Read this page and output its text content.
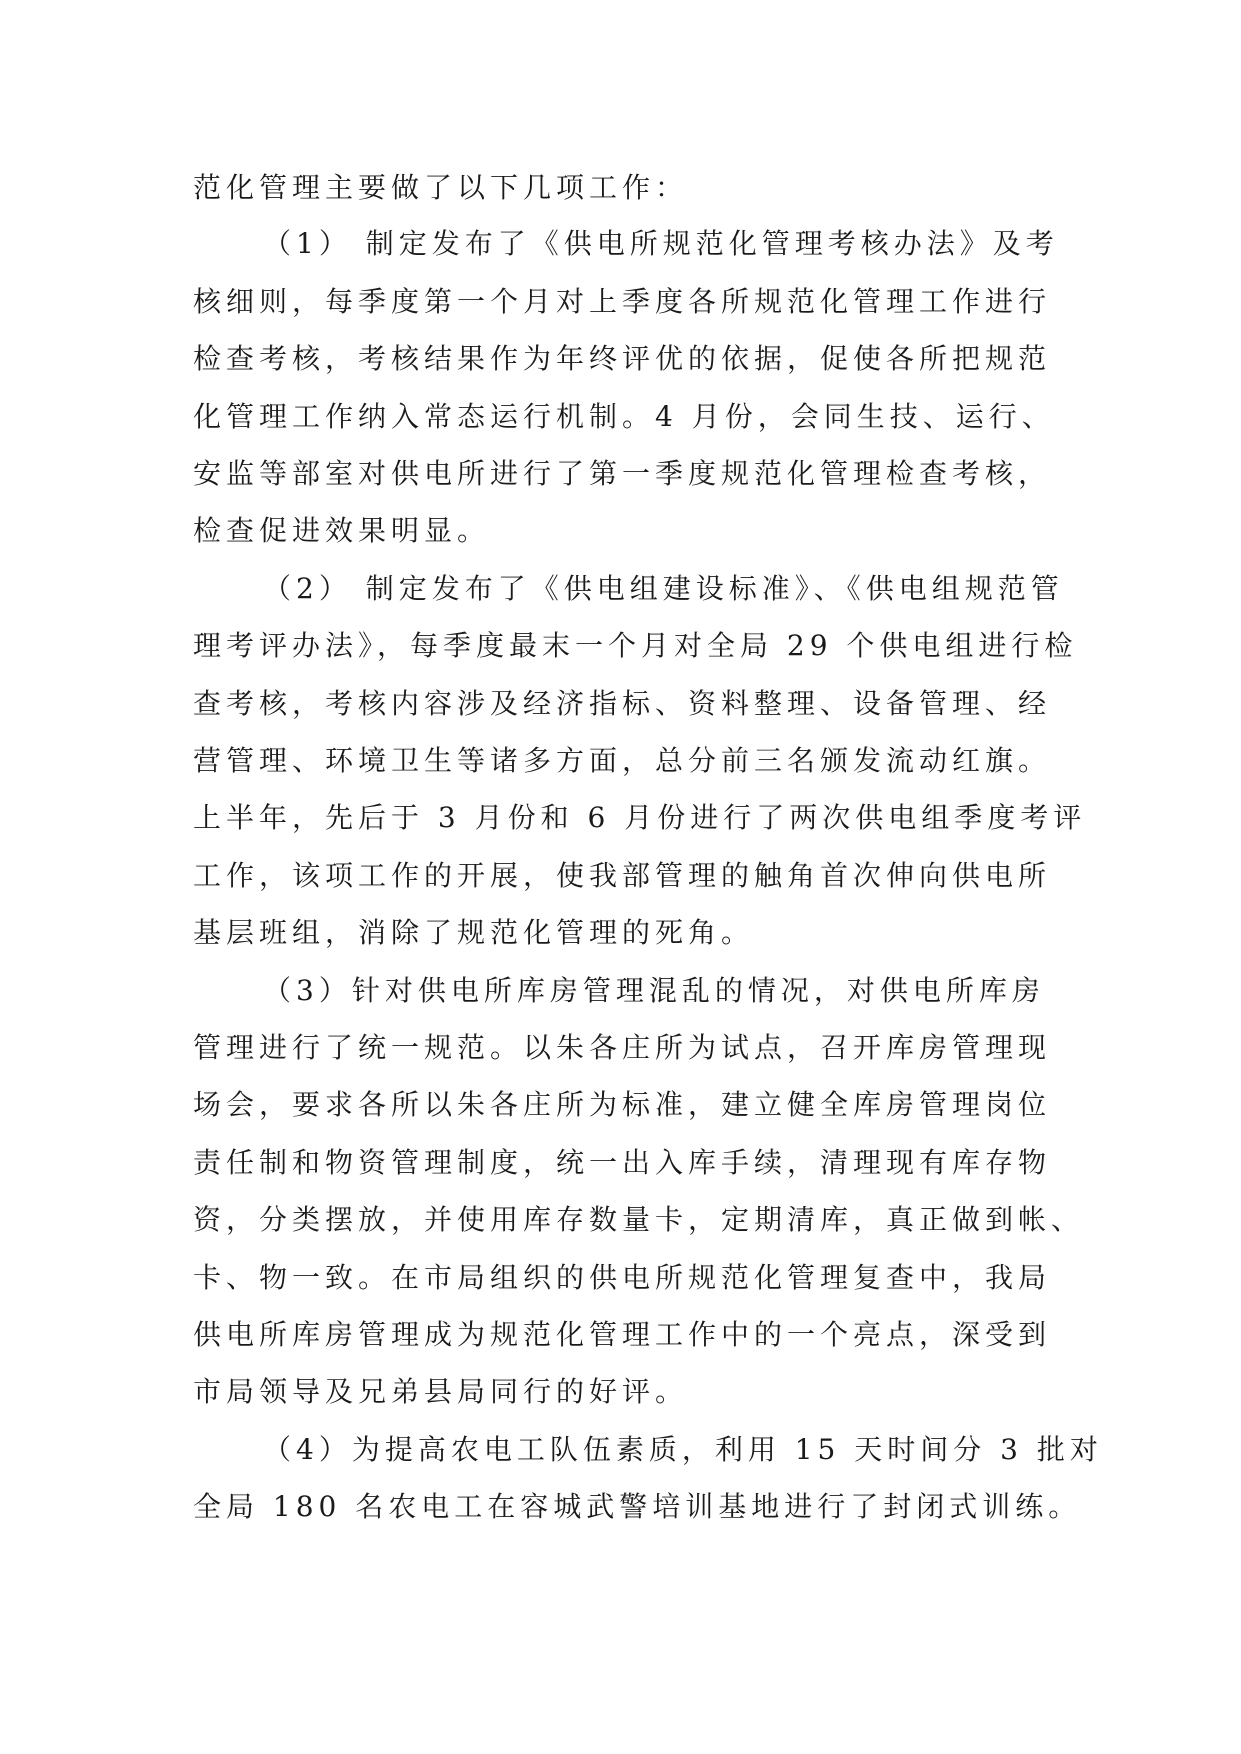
范化管理主要做了以下几项工作：

（1） 制定发布了《供电所规范化管理考核办法》及考

核细则，每季度第一个月对上季度各所规范化管理工作进行

检查考核，考核结果作为年终评优的依据，促使各所把规范

化管理工作纳入常态运行机制。4 月份，会同生技、运行、

安监等部室对供电所进行了第一季度规范化管理检查考核，

检查促进效果明显。

（2） 制定发布了《供电组建设标准》、《供电组规范管

理考评办法》，每季度最末一个月对全局 29 个供电组进行检

查考核，考核内容涉及经济指标、资料整理、设备管理、经

营管理、环境卫生等诸多方面，总分前三名颁发流动红旗。

上半年，先后于 3 月份和 6 月份进行了两次供电组季度考评

工作，该项工作的开展，使我部管理的触角首次伸向供电所

基层班组，消除了规范化管理的死角。

（3）针对供电所库房管理混乱的情况，对供电所库房

管理进行了统一规范。以朱各庄所为试点，召开库房管理现

场会，要求各所以朱各庄所为标准，建立健全库房管理岗位

责任制和物资管理制度，统一出入库手续，清理现有库存物

资，分类摆放，并使用库存数量卡，定期清库，真正做到帐、

卡、物一致。在市局组织的供电所规范化管理复查中，我局

供电所库房管理成为规范化管理工作中的一个亮点，深受到

市局领导及兄弟县局同行的好评。

（4）为提高农电工队伍素质，利用 15 天时间分 3 批对

全局 180 名农电工在容城武警培训基地进行了封闭式训练。
